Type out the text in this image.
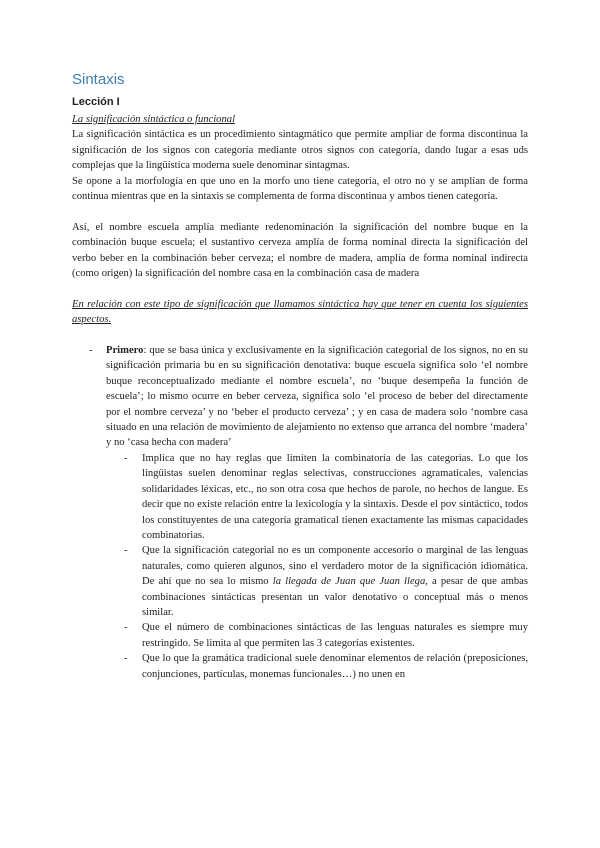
Sintaxis
Lección I

La significación sintáctica o funcional

La significación sintáctica es un procedimiento sintagmático que permite ampliar de forma discontinua la significación de los signos con categoría mediante otros signos con categoría, dando lugar a esas uds complejas que la lingüística moderna suele denominar sintagmas.

Se opone a la morfología en que uno en la morfo uno tiene categoría, el otro no y se amplían de forma continua mientras que en la sintaxis se complementa de forma discontinua y ambos tienen categoría.

Así, el nombre escuela amplía mediante redenominación la significación del nombre buque en la combinación buque escuela; el sustantivo cerveza amplía de forma nominal directa la significación del verbo beber en la combinación beber cerveza; el nombre de madera, amplía de forma nominal indirecta (como origen) la significación del nombre casa en la combinación casa de madera

En relación con este tipo de significación que llamamos sintáctica hay que tener en cuenta los siguientes aspectos.

- Primero: que se basa única y exclusivamente en la significación categorial de los signos, no en su significación primaria bu en su significación denotativa: buque escuela significa solo ‘el nombre buque reconceptualizado mediante el nombre escuela’, no ‘buque desempeña la función de escuela’; lo mismo ocurre en beber cerveza, significa solo ‘el proceso de beber del directamente por el nombre cerveza’ y no ‘beber el producto cerveza’ ; y en casa de madera solo ‘nombre casa situado en una relación de movimiento de alejamiento no extenso que arranca del nombre ‘madera’ y no ‘casa hecha con madera’
- Implica que no hay reglas que limiten la combinatoria de las categorías. Lo que los lingüistas suelen denominar reglas selectivas, construcciones agramaticales, valencias solidaridades léxicas, etc., no son otra cosa que hechos de parole, no hechos de langue. Es decir que no existe relación entre la lexicología y la sintaxis. Desde el pov sintáctico, todos los constituyentes de una categoría gramatical tienen exactamente las mismas capacidades combinatorias.
- Que la significación categorial no es un componente accesorio o marginal de las lenguas naturales, como quieren algunos, sino el verdadero motor de la significación idiomática. De ahí que no sea lo mismo la llegada de Juan que Juan llega, a pesar de que ambas combinaciones sintácticas presentan un valor denotativo o conceptual más o menos similar.
- Que el número de combinaciones sintácticas de las lenguas naturales es siempre muy restringido. Se limita al que permiten las 3 categorías existentes.
- Que lo que la gramática tradicional suele denominar elementos de relación (preposiciones, conjunciones, partículas, monemas funcionales…) no unen en
